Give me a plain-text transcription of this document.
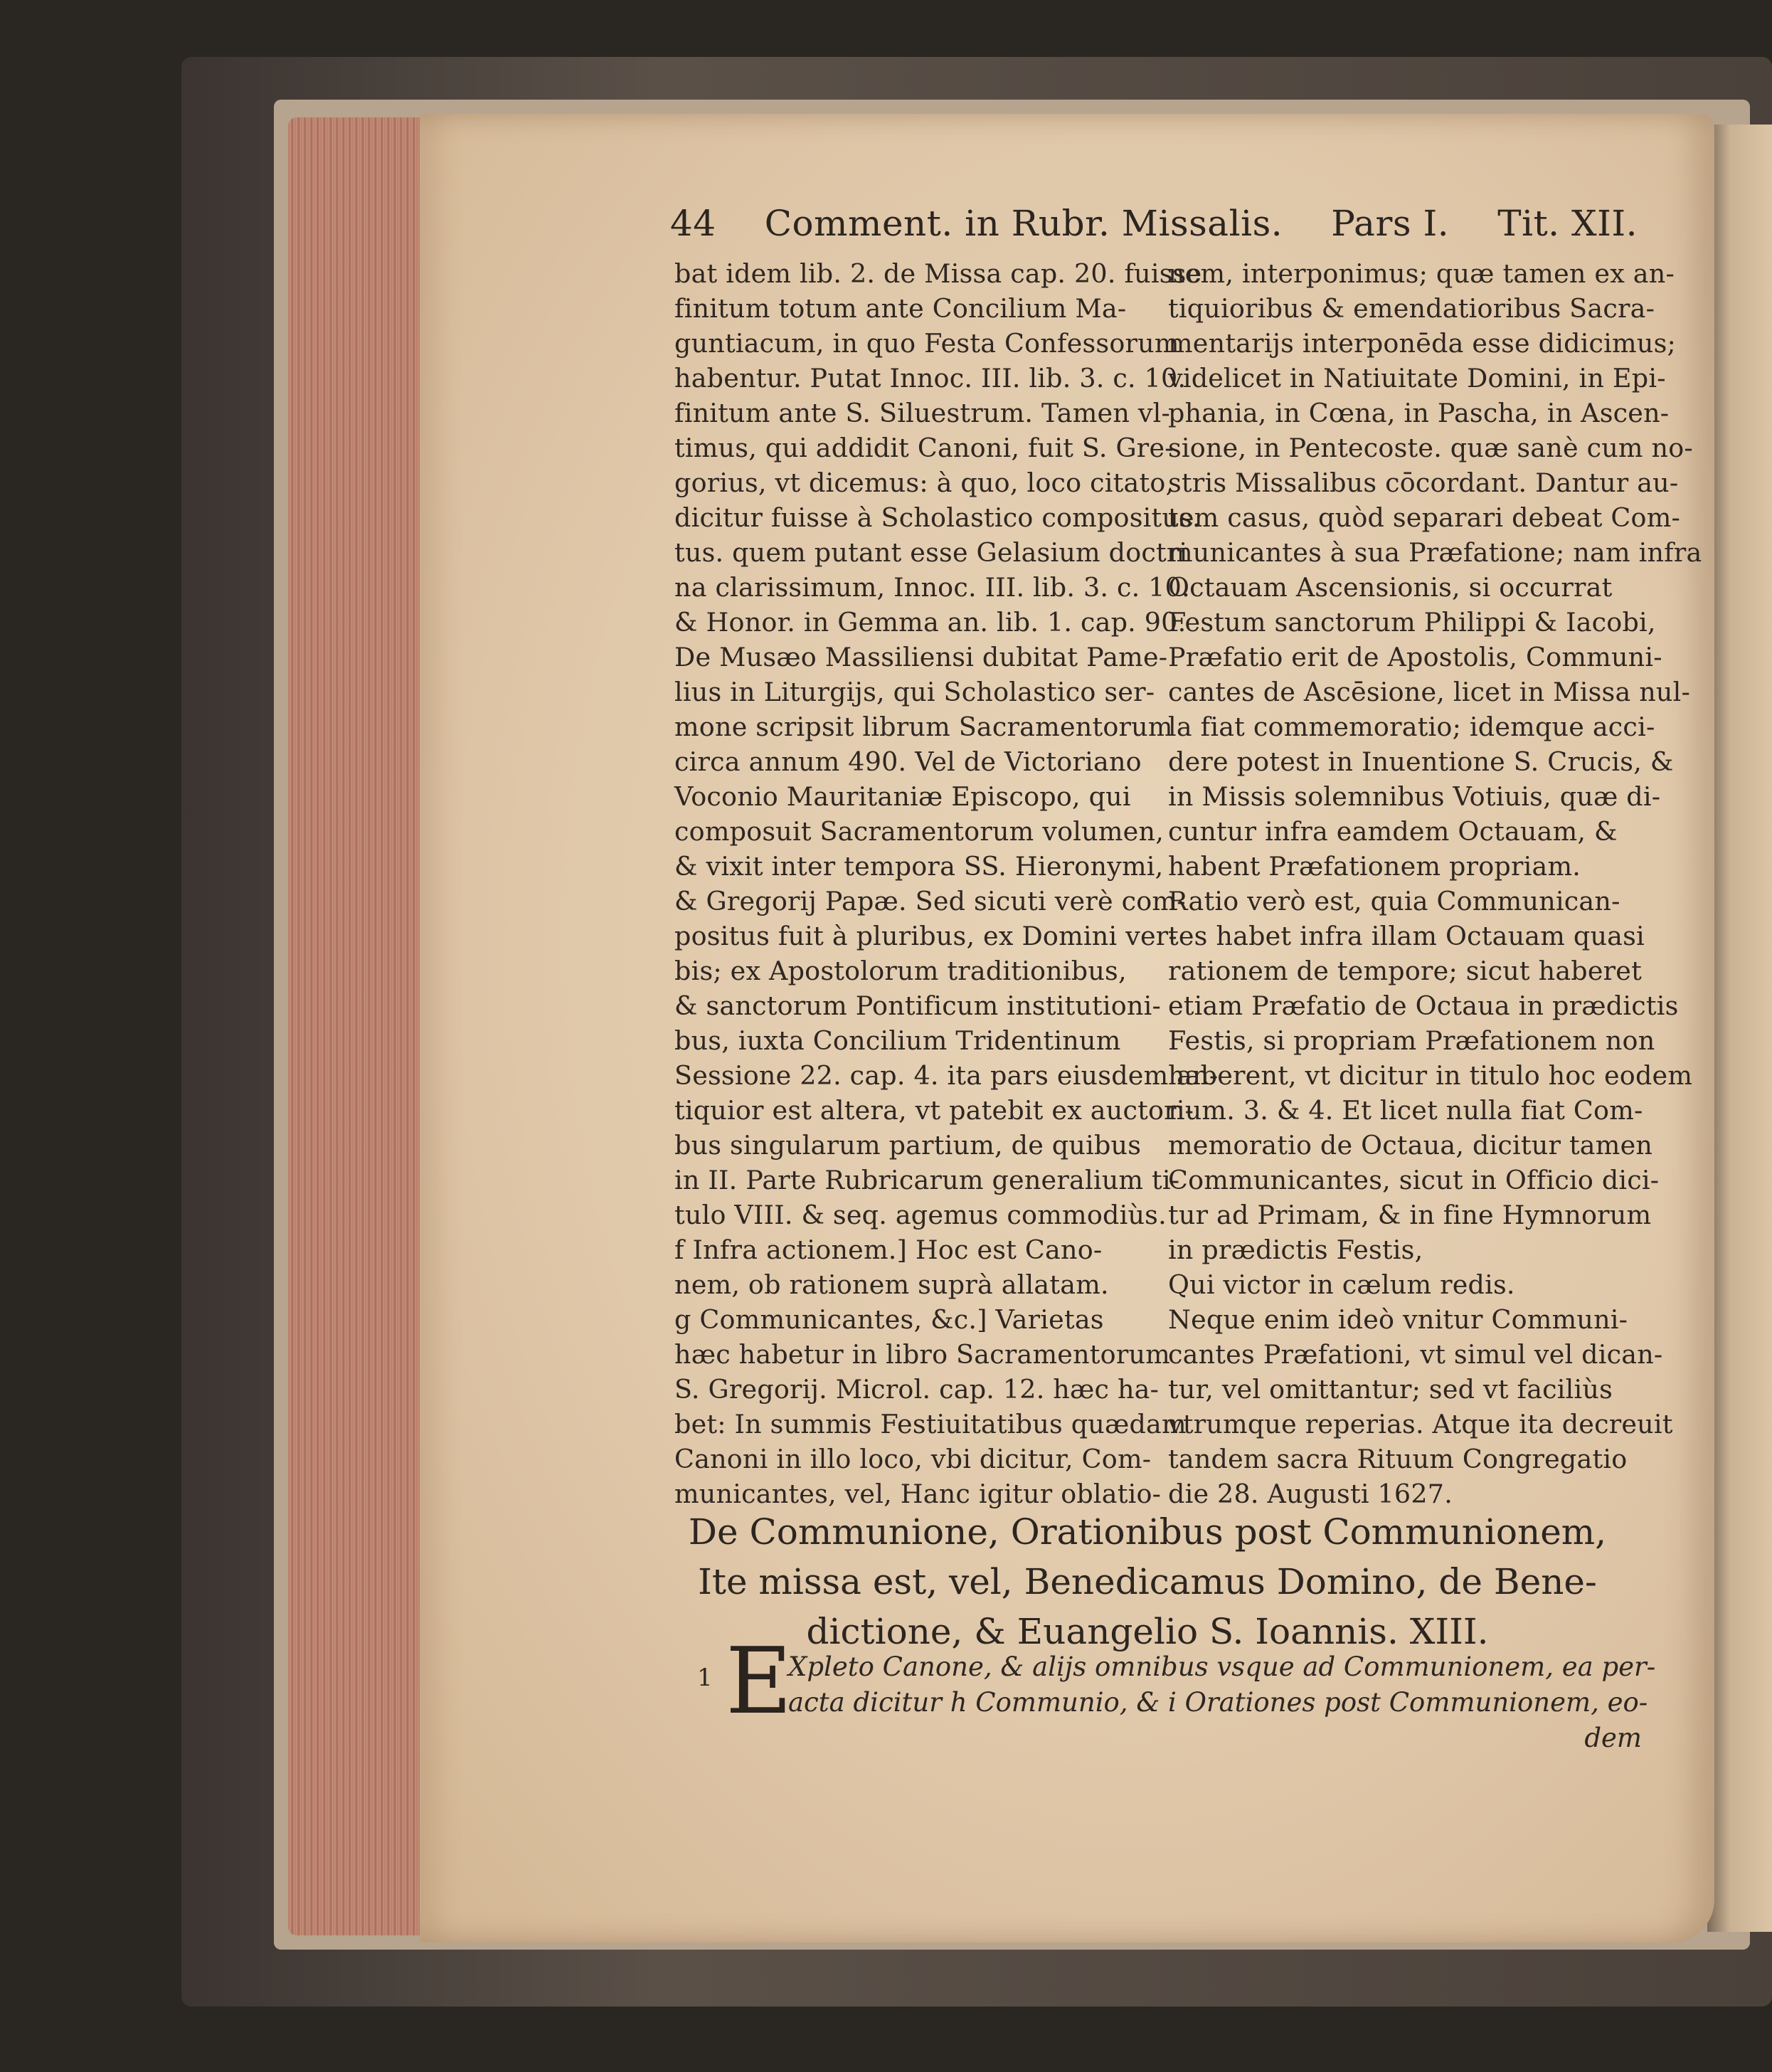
44 Comment. in Rubr. Missalis. Pars I. Tit. XII.
bat idem lib. 2. de Missa cap. 20. fuisse
finitum totum ante Concilium Ma-
guntiacum, in quo Festa Confessorum
habentur. Putat Innoc. III. lib. 3. c. 10.
finitum ante S. Siluestrum. Tamen vl-
timus, qui addidit Canoni, fuit S. Gre-
gorius, vt dicemus: à quo, loco citato,
dicitur fuisse à Scholastico compositus.
tus. quem putant esse Gelasium doctri
na clarissimum, Innoc. III. lib. 3. c. 10.
& Honor. in Gemma an. lib. 1. cap. 90.
De Musæo Massiliensi dubitat Pame-
lius in Liturgijs, qui Scholastico ser-
mone scripsit librum Sacramentorum
circa annum 490. Vel de Victoriano
Voconio Mauritaniæ Episcopo, qui
composuit Sacramentorum volumen,
& vixit inter tempora SS. Hieronymi,
& Gregorij Papæ. Sed sicuti verè com-
positus fuit à pluribus, ex Domini ver-
bis; ex Apostolorum traditionibus,
& sanctorum Pontificum institutioni-
bus, iuxta Concilium Tridentinum
Sessione 22. cap. 4. ita pars eiusdem an-
tiquior est altera, vt patebit ex auctori-
bus singularum partium, de quibus
in II. Parte Rubricarum generalium ti-
tulo VIII. & seq. agemus commodiùs.
f Infra actionem.] Hoc est Cano-
nem, ob rationem suprà allatam.
g Communicantes, &c.] Varietas
hæc habetur in libro Sacramentorum
S. Gregorij. Microl. cap. 12. hæc ha-
bet: In summis Festiuitatibus quædam
Canoni in illo loco, vbi dicitur, Com-
municantes, vel, Hanc igitur oblatio-
nem, interponimus; quæ tamen ex an-
tiquioribus & emendatioribus Sacra-
mentarijs interponēda esse didicimus;
videlicet in Natiuitate Domini, in Epi-
phania, in Cœna, in Pascha, in Ascen-
sione, in Pentecoste. quæ sanè cum no-
stris Missalibus cōcordant. Dantur au-
tem casus, quòd separari debeat Com-
municantes à sua Præfatione; nam infra
Octauam Ascensionis, si occurrat
Festum sanctorum Philippi & Iacobi,
Præfatio erit de Apostolis, Communi-
cantes de Ascēsione, licet in Missa nul-
la fiat commemoratio; idemque acci-
dere potest in Inuentione S. Crucis, &
in Missis solemnibus Votiuis, quæ di-
cuntur infra eamdem Octauam, &
habent Præfationem propriam.
Ratio verò est, quia Communican-
tes habet infra illam Octauam quasi
rationem de tempore; sicut haberet
etiam Præfatio de Octaua in prædictis
Festis, si propriam Præfationem non
haberent, vt dicitur in titulo hoc eodem
num. 3. & 4. Et licet nulla fiat Com-
memoratio de Octaua, dicitur tamen
Communicantes, sicut in Officio dici-
tur ad Primam, & in fine Hymnorum
in prædictis Festis,
Qui victor in cælum redis.
Neque enim ideò vnitur Communi-
cantes Præfationi, vt simul vel dican-
tur, vel omittantur; sed vt faciliùs
vtrumque reperias. Atque ita decreuit
tandem sacra Rituum Congregatio
die 28. Augusti 1627.
De Communione, Orationibus post Communionem,
Ite missa est, vel, Benedicamus Domino, de Bene-
dictione, & Euangelio S. Ioannis. XIII.
1 E
Xpleto Canone, & alijs omnibus vsque ad Communionem, ea per-
acta dicitur h Communio, & i Orationes post Communionem, eo-
dem
